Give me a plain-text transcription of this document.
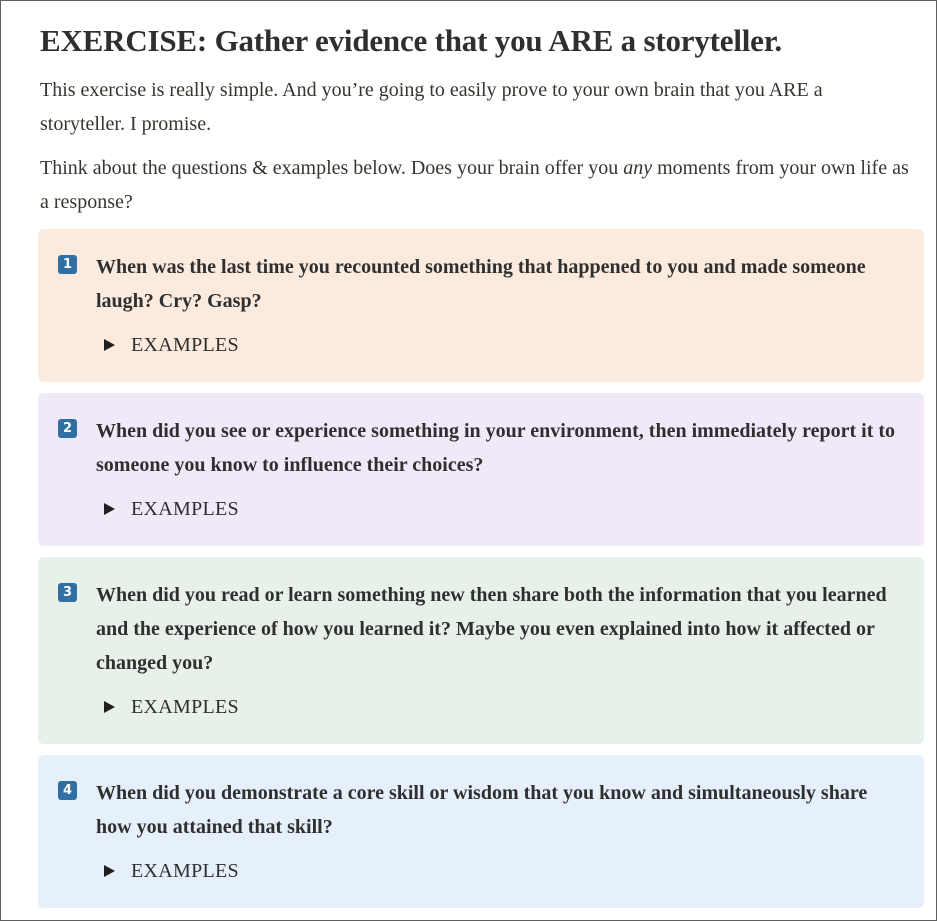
EXERCISE: Gather evidence that you ARE a storyteller.

This exercise is really simple. And you’re going to easily prove to your own brain that you ARE a storyteller. I promise.

Think about the questions & examples below. Does your brain offer you any moments from your own life as a response?

1 When was the last time you recounted something that happened to you and made someone laugh? Cry? Gasp?

EXAMPLES
2 When did you see or experience something in your environment, then immediately report it to someone you know to influence their choices?

EXAMPLES
3 When did you read or learn something new then share both the information that you learned and the experience of how you learned it? Maybe you even explained into how it affected or changed you?

EXAMPLES
4 When did you demonstrate a core skill or wisdom that you know and simultaneously share how you attained that skill?

EXAMPLES
